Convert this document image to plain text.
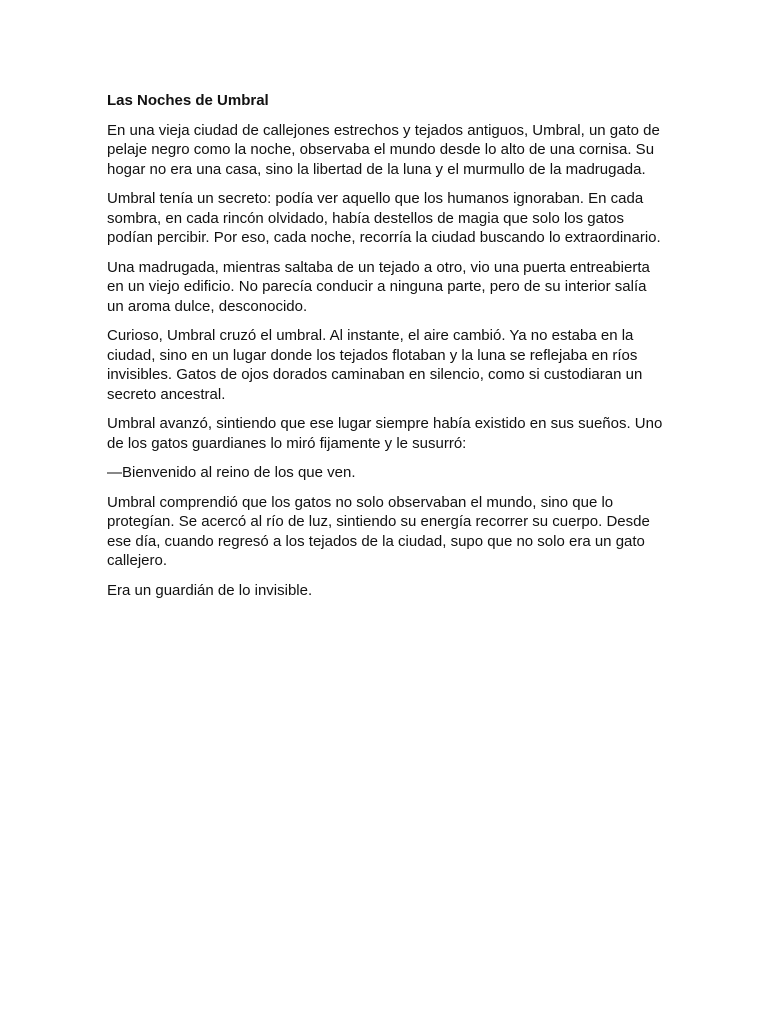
Las Noches de Umbral

En una vieja ciudad de callejones estrechos y tejados antiguos, Umbral, un gato de pelaje negro como la noche, observaba el mundo desde lo alto de una cornisa. Su hogar no era una casa, sino la libertad de la luna y el murmullo de la madrugada.

Umbral tenía un secreto: podía ver aquello que los humanos ignoraban. En cada sombra, en cada rincón olvidado, había destellos de magia que solo los gatos podían percibir. Por eso, cada noche, recorría la ciudad buscando lo extraordinario.

Una madrugada, mientras saltaba de un tejado a otro, vio una puerta entreabierta en un viejo edificio. No parecía conducir a ninguna parte, pero de su interior salía un aroma dulce, desconocido.

Curioso, Umbral cruzó el umbral. Al instante, el aire cambió. Ya no estaba en la ciudad, sino en un lugar donde los tejados flotaban y la luna se reflejaba en ríos invisibles. Gatos de ojos dorados caminaban en silencio, como si custodiaran un secreto ancestral.

Umbral avanzó, sintiendo que ese lugar siempre había existido en sus sueños. Uno de los gatos guardianes lo miró fijamente y le susurró:

—Bienvenido al reino de los que ven.

Umbral comprendió que los gatos no solo observaban el mundo, sino que lo protegían. Se acercó al río de luz, sintiendo su energía recorrer su cuerpo. Desde ese día, cuando regresó a los tejados de la ciudad, supo que no solo era un gato callejero.

Era un guardián de lo invisible.
